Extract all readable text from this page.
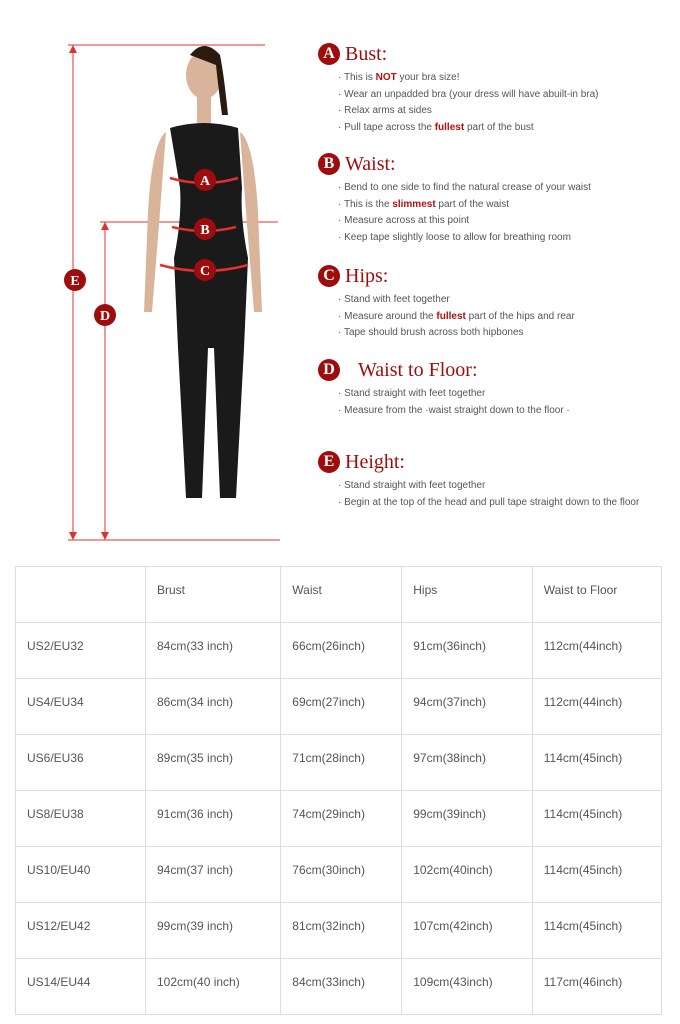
A
B
C
D
E
A Bust:
· This is NOT your bra size!
· Wear an unpadded bra (your dress will have abuilt-in bra)
· Relax arms at sides
· Pull tape across the fullest part of the bust
B Waist:
· Bend to one side to find the natural crease of your waist
· This is the slimmest part of the waist
· Measure across at this point
· Keep tape slightly loose to allow for breathing room
C Hips:
· Stand with feet together
· Measure around the fullest part of the hips and rear
· Tape should brush across both hipbones
D Waist to Floor:
· Stand straight with feet together
· Measure from the ·waist straight down to the floor ·
E Height:
· Stand straight with feet together
· Begin at the top of the head and pull tape straight down to the floor
	Brust	Waist	Hips	Waist to Floor
US2/EU32	84cm(33 inch)	66cm(26inch)	91cm(36inch)	112cm(44inch)
US4/EU34	86cm(34 inch)	69cm(27inch)	94cm(37inch)	112cm(44inch)
US6/EU36	89cm(35 inch)	71cm(28inch)	97cm(38inch)	114cm(45inch)
US8/EU38	91cm(36 inch)	74cm(29inch)	99cm(39inch)	114cm(45inch)
US10/EU40	94cm(37 inch)	76cm(30inch)	102cm(40inch)	114cm(45inch)
US12/EU42	99cm(39 inch)	81cm(32inch)	107cm(42inch)	114cm(45inch)
US14/EU44	102cm(40 inch)	84cm(33inch)	109cm(43inch)	117cm(46inch)
